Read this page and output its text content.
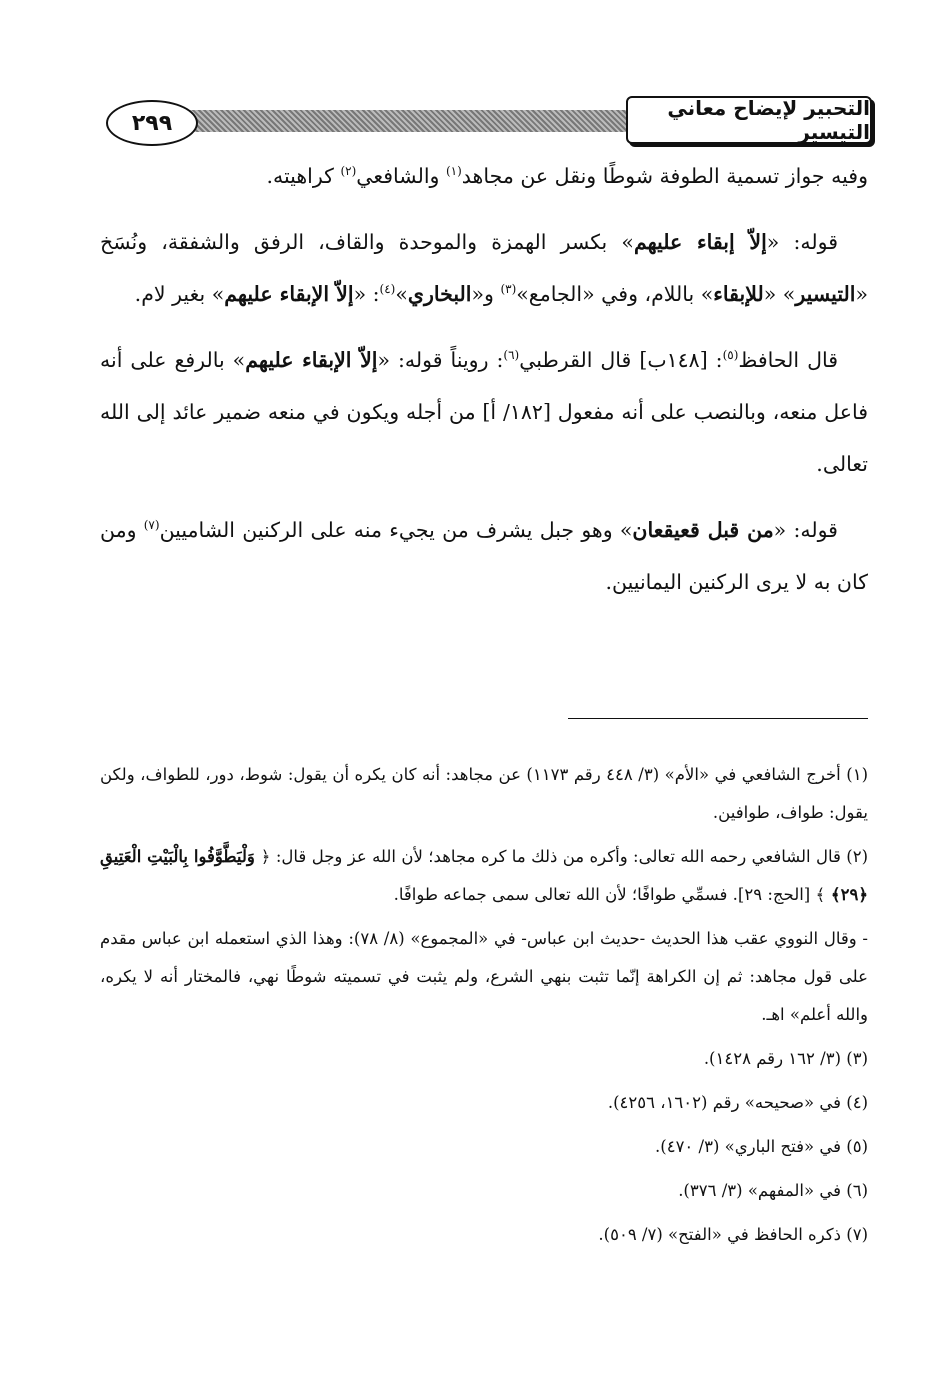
٢٩٩
التحبير لإيضاح معاني التيسير

وفيه جواز تسمية الطوفة شوطًا ونقل عن مجاهد$^{(١)}$ والشافعي$^{(٢)}$ كراهيته.

قوله: «إلاّ إبقاء عليهم» بكسر الهمزة والموحدة والقاف، الرفق والشفقة، ونُسَخ «التيسير» «للإبقاء» باللام، وفي «الجامع»$^{(٣)}$ و«البخاري»$^{(٤)}$: «إلاّ الإبقاء عليهم» بغير لام.

قال الحافظ$^{(٥)}$: [١٤٨ب] قال القرطبي$^{(٦)}$: رويناً قوله: «إلاّ الإبقاء عليهم» بالرفع على أنه فاعل منعه، وبالنصب على أنه مفعول [١٨٢/ أ] من أجله ويكون في منعه ضمير عائد إلى الله تعالى.

قوله: «من قبل قعيقعان» وهو جبل يشرف من يجيء منه على الركنين الشاميين$^{(٧)}$ ومن كان به لا يرى الركنين اليمانيين.

(١) أخرج الشافعي في «الأم» (٣/ ٤٤٨ رقم ١١٧٣) عن مجاهد: أنه كان يكره أن يقول: شوط، دور، للطواف، ولكن يقول: طواف، طوافين.
(٢) قال الشافعي رحمه الله تعالى: وأكره من ذلك ما كره مجاهد؛ لأن الله عز وجل قال: ﴿ وَلْيَطَّوَّفُوا بِالْبَيْتِ الْعَتِيقِ ﴿٢٩﴾ ﴾ [الحج: ٢٩]. فسمِّي طوافًا؛ لأن الله تعالى سمى جماعه طوافًا.
- وقال النووي عقب هذا الحديث -حديث ابن عباس- في «المجموع» (٨/ ٧٨): وهذا الذي استعمله ابن عباس مقدم على قول مجاهد: ثم إن الكراهة إنّما تثبت بنهي الشرع، ولم يثبت في تسميته شوطًا نهي، فالمختار أنه لا يكره، والله أعلم» اهـ.
(٣) (٣/ ١٦٢ رقم ١٤٢٨).
(٤) في «صحيحه» رقم (١٦٠٢، ٤٢٥٦).
(٥) في «فتح الباري» (٣/ ٤٧٠).
(٦) في «المفهم» (٣/ ٣٧٦).
(٧) ذكره الحافظ في «الفتح» (٧/ ٥٠٩).
